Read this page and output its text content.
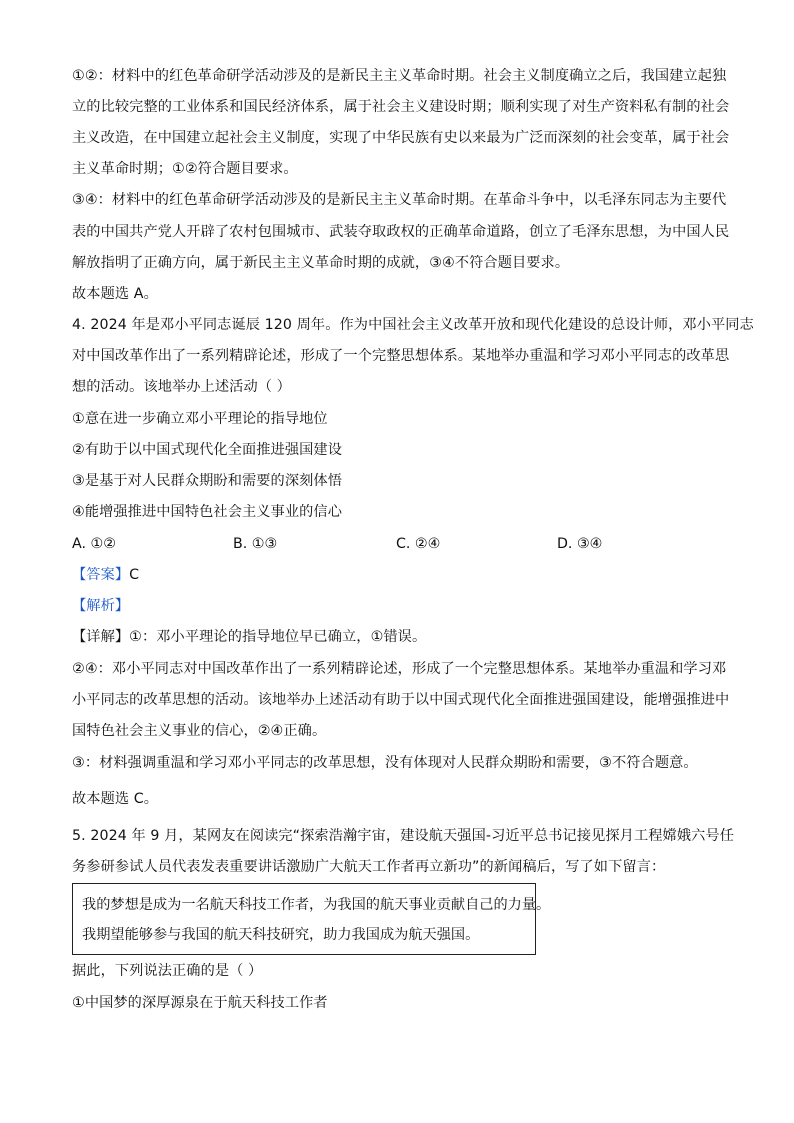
①②：材料中的红色革命研学活动涉及的是新民主主义革命时期。社会主义制度确立之后，我国建立起独
立的比较完整的工业体系和国民经济体系，属于社会主义建设时期；顺利实现了对生产资料私有制的社会
主义改造，在中国建立起社会主义制度，实现了中华民族有史以来最为广泛而深刻的社会变革，属于社会
主义革命时期；①②符合题目要求。
③④：材料中的红色革命研学活动涉及的是新民主主义革命时期。在革命斗争中，以毛泽东同志为主要代
表的中国共产党人开辟了农村包围城市、武装夺取政权的正确革命道路，创立了毛泽东思想，为中国人民
解放指明了正确方向，属于新民主主义革命时期的成就，③④不符合题目要求。
故本题选 A。
4. 2024 年是邓小平同志诞辰 120 周年。作为中国社会主义改革开放和现代化建设的总设计师，邓小平同志
对中国改革作出了一系列精辟论述，形成了一个完整思想体系。某地举办重温和学习邓小平同志的改革思
想的活动。该地举办上述活动（ ）
①意在进一步确立邓小平理论的指导地位
②有助于以中国式现代化全面推进强国建设
③是基于对人民群众期盼和需要的深刻体悟
④能增强推进中国特色社会主义事业的信心
A. ①②	B. ①③	C. ②④	D. ③④
【答案】C
【解析】
【详解】①：邓小平理论的指导地位早已确立，①错误。
②④：邓小平同志对中国改革作出了一系列精辟论述，形成了一个完整思想体系。某地举办重温和学习邓
小平同志的改革思想的活动。该地举办上述活动有助于以中国式现代化全面推进强国建设，能增强推进中
国特色社会主义事业的信心，②④正确。
③：材料强调重温和学习邓小平同志的改革思想，没有体现对人民群众期盼和需要，③不符合题意。
故本题选 C。
5. 2024 年 9 月，某网友在阅读完“探索浩瀚宇宙，建设航天强国-习近平总书记接见探月工程嫦娥六号任
务参研参试人员代表发表重要讲话激励广大航天工作者再立新功”的新闻稿后，写了如下留言：
我的梦想是成为一名航天科技工作者，为我国的航天事业贡献自己的力量。
我期望能够参与我国的航天科技研究，助力我国成为航天强国。
据此，下列说法正确的是（ ）
①中国梦的深厚源泉在于航天科技工作者
